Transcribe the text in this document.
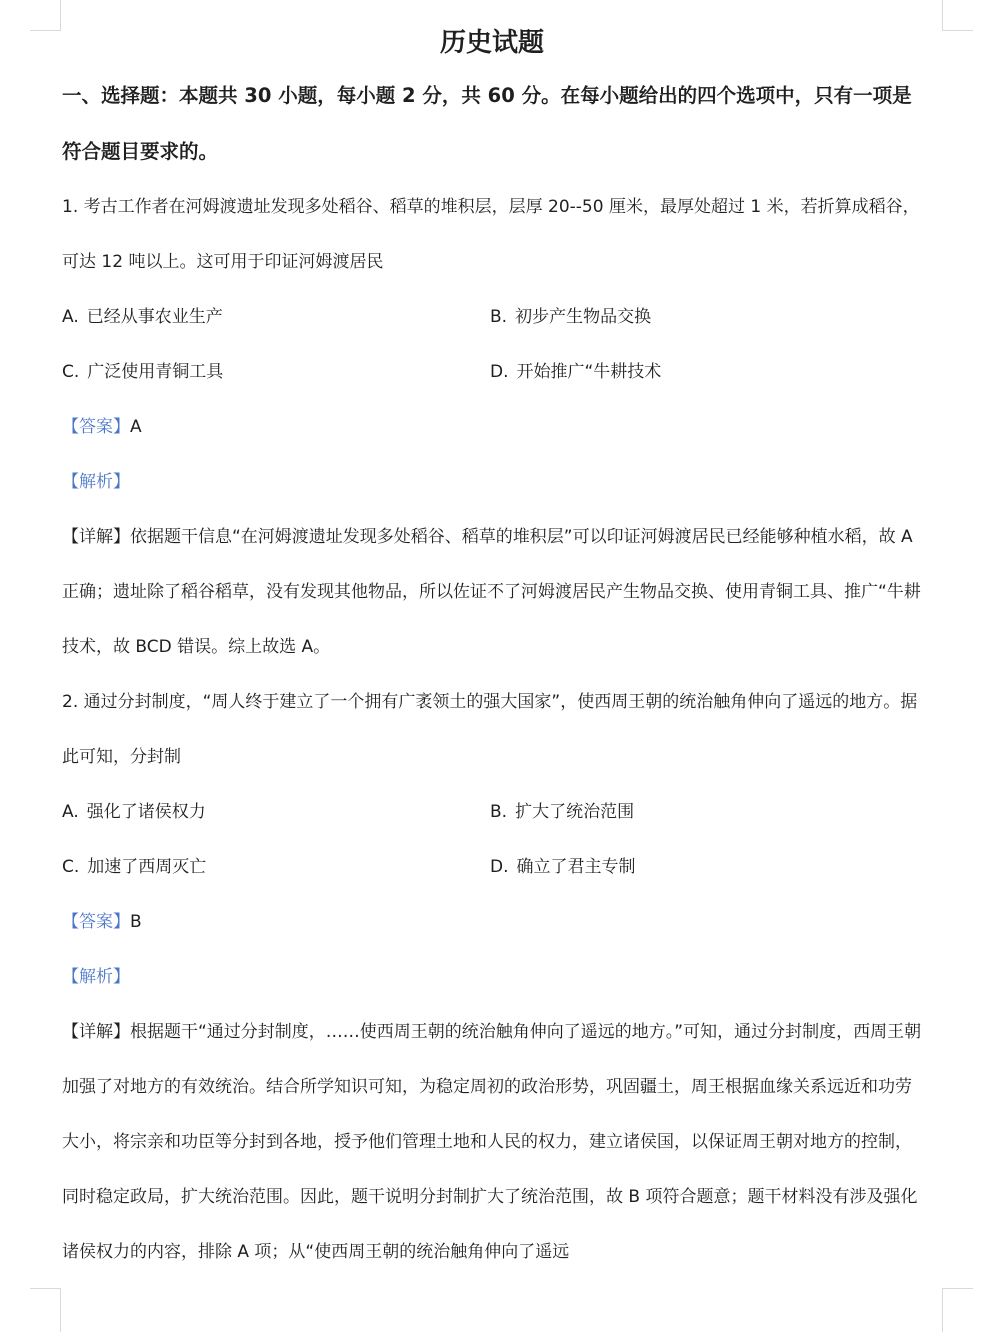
历史试题

一、选择题：本题共 30 小题，每小题 2 分，共 60 分。在每小题给出的四个选项中，只有一项是符合题目要求的。

1. 考古工作者在河姆渡遗址发现多处稻谷、稻草的堆积层，层厚 20--50 厘米，最厚处超过 1 米，若折算成稻谷，可达 12 吨以上。这可用于印证河姆渡居民

A. 已经从事农业生产	B. 初步产生物品交换
C. 广泛使用青铜工具	D. 开始推广“牛耕技术
【答案】A
【解析】

【详解】依据题干信息“在河姆渡遗址发现多处稻谷、稻草的堆积层”可以印证河姆渡居民已经能够种植水稻，故 A 正确；遗址除了稻谷稻草，没有发现其他物品，所以佐证不了河姆渡居民产生物品交换、使用青铜工具、推广“牛耕技术，故 BCD 错误。综上故选 A。

2. 通过分封制度，“周人终于建立了一个拥有广袤领土的强大国家”，使西周王朝的统治触角伸向了遥远的地方。据此可知，分封制

A. 强化了诸侯权力	B. 扩大了统治范围
C. 加速了西周灭亡	D. 确立了君主专制
【答案】B
【解析】

【详解】根据题干“通过分封制度，……使西周王朝的统治触角伸向了遥远的地方。”可知，通过分封制度，西周王朝加强了对地方的有效统治。结合所学知识可知，为稳定周初的政治形势，巩固疆土，周王根据血缘关系远近和功劳大小，将宗亲和功臣等分封到各地，授予他们管理土地和人民的权力，建立诸侯国，以保证周王朝对地方的控制，同时稳定政局，扩大统治范围。因此，题干说明分封制扩大了统治范围，故 B 项符合题意；题干材料没有涉及强化诸侯权力的内容，排除 A 项；从“使西周王朝的统治触角伸向了遥远
